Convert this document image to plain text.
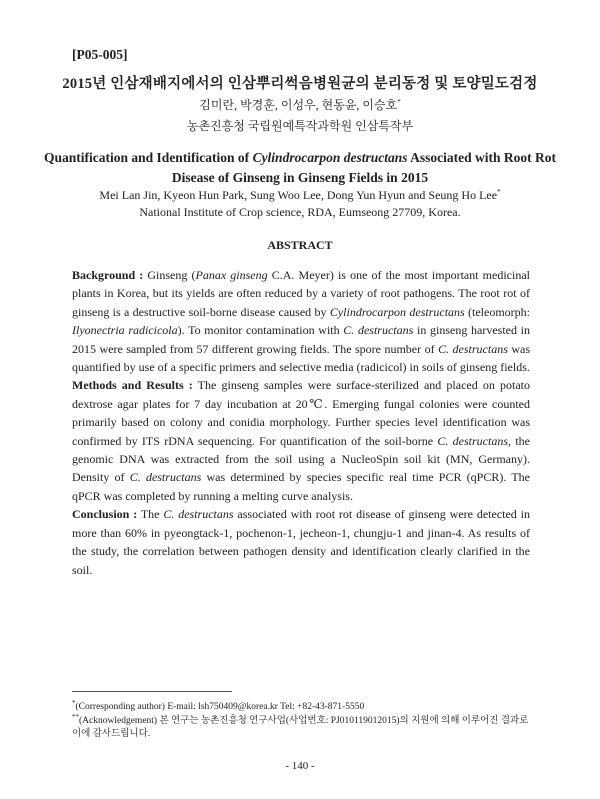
[P05-005]
2015년 인삼재배지에서의 인삼뿌리썩음병원균의 분리동정 및 토양밀도검정
김미란, 박경훈, 이성우, 현동윤, 이승호*
농촌진흥청 국립원예특작과학원 인삼특작부
Quantification and Identification of Cylindrocarpon destructans Associated with Root Rot Disease of Ginseng in Ginseng Fields in 2015
Mei Lan Jin, Kyeon Hun Park, Sung Woo Lee, Dong Yun Hyun and Seung Ho Lee*
National Institute of Crop science, RDA, Eumseong 27709, Korea.
ABSTRACT

Background : Ginseng (Panax ginseng C.A. Meyer) is one of the most important medicinal plants in Korea, but its yields are often reduced by a variety of root pathogens. The root rot of ginseng is a destructive soil-borne disease caused by Cylindrocarpon destructans (teleomorph: Ilyonectria radicicola). To monitor contamination with C. destructans in ginseng harvested in 2015 were sampled from 57 different growing fields. The spore number of C. destructans was quantified by use of a specific primers and selective media (radicicol) in soils of ginseng fields.

Methods and Results : The ginseng samples were surface-sterilized and placed on potato dextrose agar plates for 7 day incubation at 20℃. Emerging fungal colonies were counted primarily based on colony and conidia morphology. Further species level identification was confirmed by ITS rDNA sequencing. For quantification of the soil-borne C. destructans, the genomic DNA was extracted from the soil using a NucleoSpin soil kit (MN, Germany). Density of C. destructans was determined by species specific real time PCR (qPCR). The qPCR was completed by running a melting curve analysis.

Conclusion : The C. destructans associated with root rot disease of ginseng were detected in more than 60% in pyeongtack-1, pochenon-1, jecheon-1, chungju-1 and jinan-4. As results of the study, the correlation between pathogen density and identification clearly clarified in the soil.

*(Corresponding author) E-mail: lsh750409@korea.kr Tel: +82-43-871-5550
**(Acknowledgement) 본 연구는 농촌진흥청 연구사업(사업번호: PJ010119012015)의 지원에 의해 이루어진 결과로 이에 감사드립니다.
- 140 -
